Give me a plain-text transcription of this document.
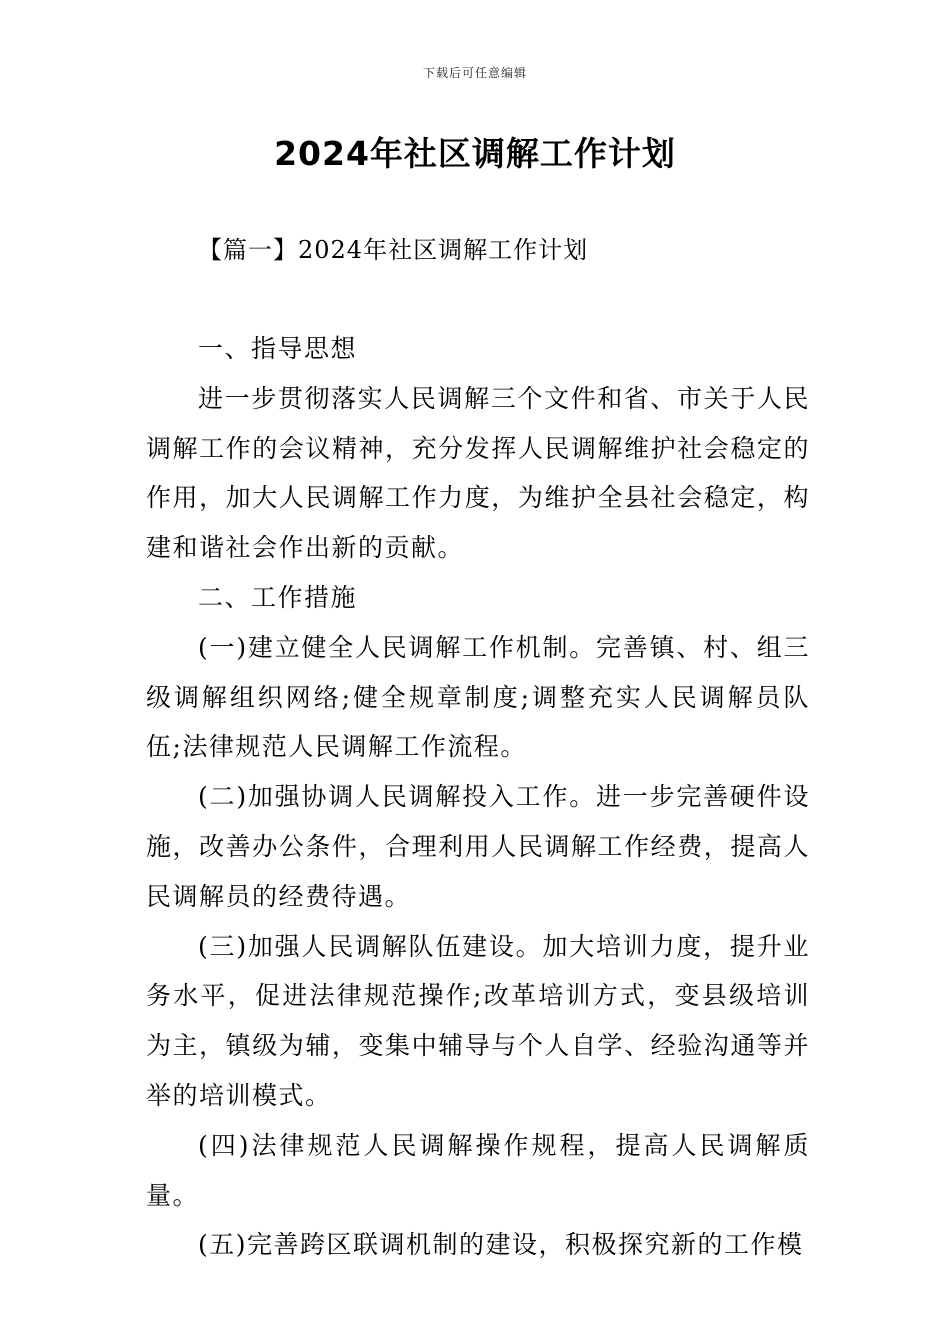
下载后可任意编辑
2024年社区调解工作计划
【篇一】2024年社区调解工作计划

一、指导思想

进一步贯彻落实人民调解三个文件和省、市关于人民调解工作的会议精神，充分发挥人民调解维护社会稳定的作用，加大人民调解工作力度，为维护全县社会稳定，构建和谐社会作出新的贡献。

二、工作措施

(一)建立健全人民调解工作机制。完善镇、村、组三级调解组织网络;健全规章制度;调整充实人民调解员队伍;法律规范人民调解工作流程。

(二)加强协调人民调解投入工作。进一步完善硬件设施，改善办公条件，合理利用人民调解工作经费，提高人民调解员的经费待遇。

(三)加强人民调解队伍建设。加大培训力度，提升业务水平，促进法律规范操作;改革培训方式，变县级培训为主，镇级为辅，变集中辅导与个人自学、经验沟通等并举的培训模式。

(四)法律规范人民调解操作规程，提高人民调解质量。

(五)完善跨区联调机制的建设，积极探究新的工作模
